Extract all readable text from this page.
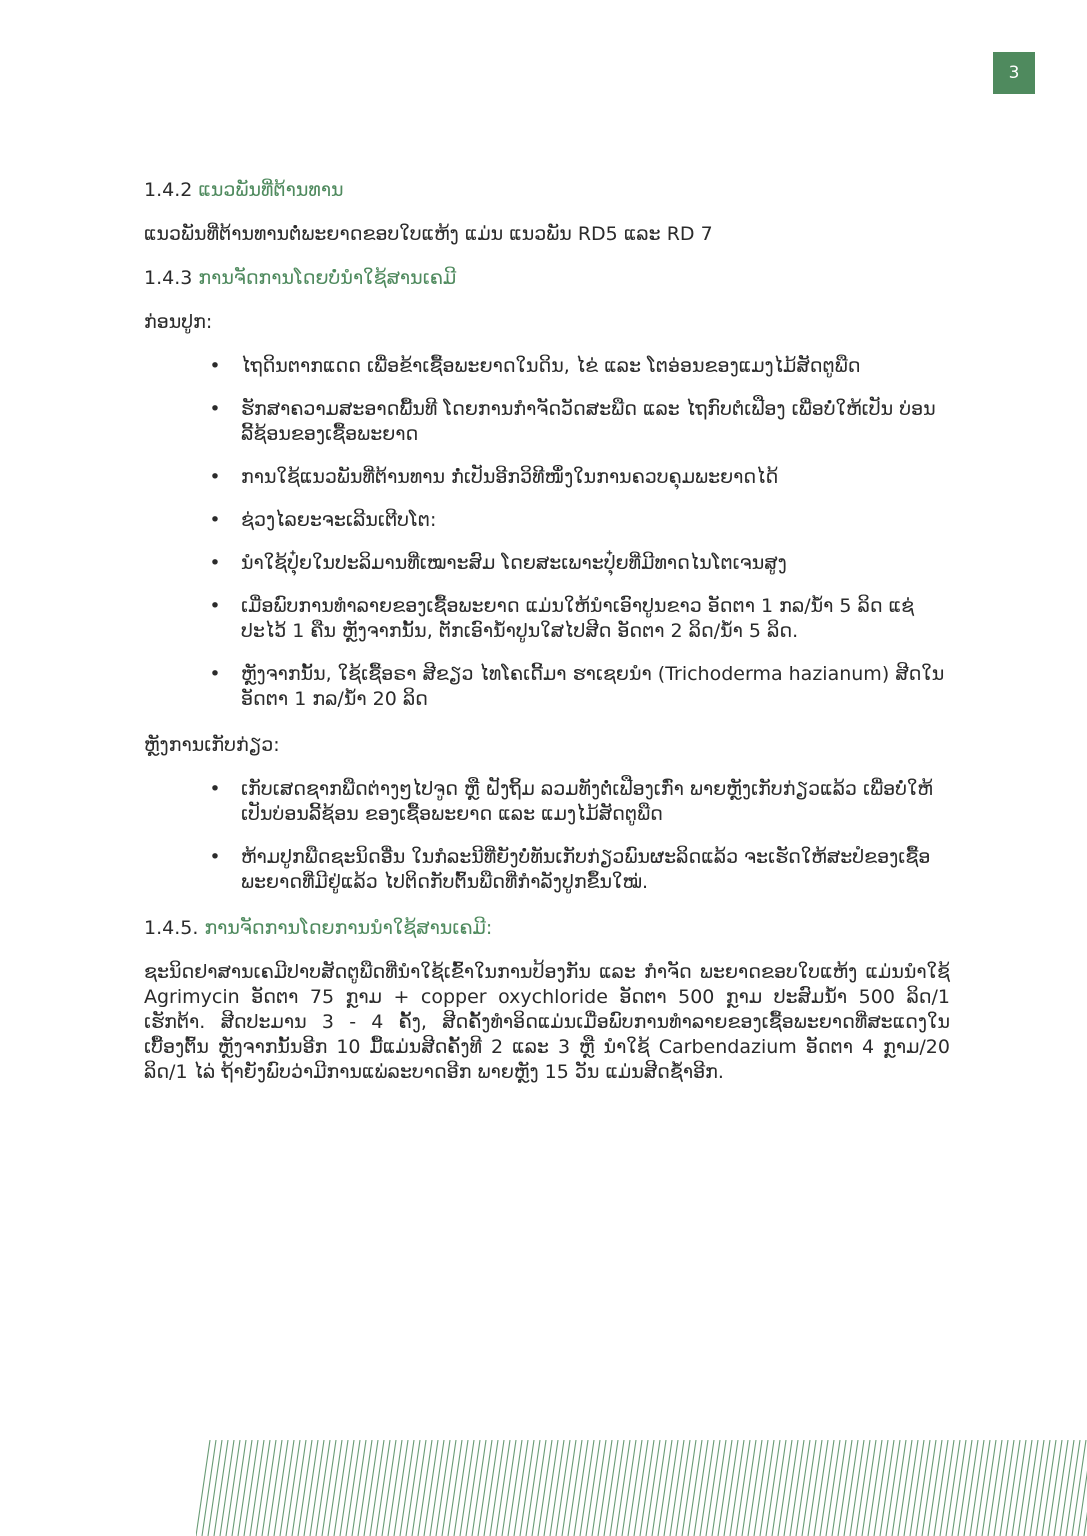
3
1.4.2 ແນວພັນທີ່ຕ້ານທານ

ແນວພັນທີ່ຕ້ານທານຕໍ່ພະຍາດຂອບໃບແຫ້ງ ແມ່ນ ແນວພັນ RD5 ແລະ RD 7

1.4.3 ການຈັດການໂດຍບໍ່ນຳໃຊ້ສານເຄມີ

ກ່ອນປູກ:

• ໄຖດິນຕາກແດດ ເພື່ອຂ້າເຊື້ອພະຍາດໃນດິນ, ໄຂ່ ແລະ ໂຕອ່ອນຂອງແມງໄມ້ສັດຕູພືດ
• ຮັກສາຄວາມສະອາດພື້ນທີ ໂດຍການກຳຈັດວັດສະພືດ ແລະ ໄຖກົບຕໍເຟືອງ ເພື່ອບໍ່ໃຫ້ເປັນ ບ່ອນລີ້ຊ້ອນຂອງເຊື້ອພະຍາດ
• ການໃຊ້ແນວພັນທີ່ຕ້ານທານ ກໍ່ເປັນອີກວິທີໜຶ່ງໃນການຄວບຄຸມພະຍາດໄດ້
• ຊ່ວງໄລຍະຈະເລີນເຕີບໂຕ:
• ນຳໃຊ້ປຸ໋ຍໃນປະລິມານທີ່ເໝາະສົມ ໂດຍສະເພາະປຸ໋ຍທີ່ມີທາດໄນໂຕເຈນສູງ
• ເມື່ອພົບການທຳລາຍຂອງເຊື້ອພະຍາດ ແມ່ນໃຫ້ນຳເອົາປູນຂາວ ອັດຕາ 1 ກລ/ນ້ຳ 5 ລິດ ແຊ່ປະໄວ້ 1 ຄືນ ຫຼັງຈາກນັ້ນ, ຕັກເອົານ້ຳປູນໃສໄປສີດ ອັດຕາ 2 ລິດ/ນ້ຳ 5 ລິດ.
• ຫຼັງຈາກນັ້ນ, ໃຊ້ເຊື້ອຣາ ສີຂຽວ ໄທໂຄເດີ້ມາ ຮາເຊຍນຳ (Trichoderma hazianum) ສີດໃນອັດຕາ 1 ກລ/ນ້ຳ 20 ລິດ

ຫຼັງການເກັບກ່ຽວ:

• ເກັບເສດຊາກພືດຕ່າງໆໄປຈູດ ຫຼື ຝັງຖິ້ມ ລວມທັງຕໍ່ເຟືອງເກົ່າ ພາຍຫຼັງເກັບກ່ຽວແລ້ວ ເພື່ອບໍ່ໃຫ້ເປັນບ່ອນລີ້ຊ້ອນ ຂອງເຊື້ອພະຍາດ ແລະ ແມງໄມ້ສັດຕູພືດ
• ຫ້າມປູກພືດຊະນິດອື່ນ ໃນກໍລະນີທີ່ຍັງບໍ່ທັນເກັບກ່ຽວພົນຜະລິດແລ້ວ ຈະເຮັດໃຫ້ສະປໍຂອງເຊື້ອພະຍາດທີ່ມີຢູ່ແລ້ວ ໄປຕິດກັບຕົ້ນພືດທີ່ກຳລັງປູກຂຶ້ນໃໝ່.
1.4.5. ການຈັດການໂດຍການນຳໃຊ້ສານເຄມີ:

ຊະນິດຢາສານເຄມີປາບສັດຕູພືດທີ່ນຳໃຊ້ເຂົ້າໃນການປ້ອງກັນ ແລະ ກຳຈັດ ພະຍາດຂອບໃບແຫ້ງ ແມ່ນນຳໃຊ້ Agrimycin ອັດຕາ 75 ກຼາມ + copper oxychloride ອັດຕາ 500 ກຼາມ ປະສົມນ້ຳ 500 ລິດ/1 ເຮັກຕ້າ. ສີດປະມານ 3 - 4 ຄັ້ງ, ສີດຄັ້ງທຳອິດແມ່ນເມື່ອພົບການທຳລາຍຂອງເຊື້ອພະຍາດທີ່ສະແດງໃນເບື້ອງຕົ້ນ ຫຼັງຈາກນັ້ນອີກ 10 ມື້ແມ່ນສີດຄັ້ງທີ 2 ແລະ 3 ຫຼື ນຳໃຊ້ Carbendazium ອັດຕາ 4 ກຼາມ/20 ລິດ/1 ໄລ່ ຖ້າຍັງພົບວ່າມີການແພ່ລະບາດອີກ ພາຍຫຼັງ 15 ວັນ ແມ່ນສີດຊ້ຳອີກ.
